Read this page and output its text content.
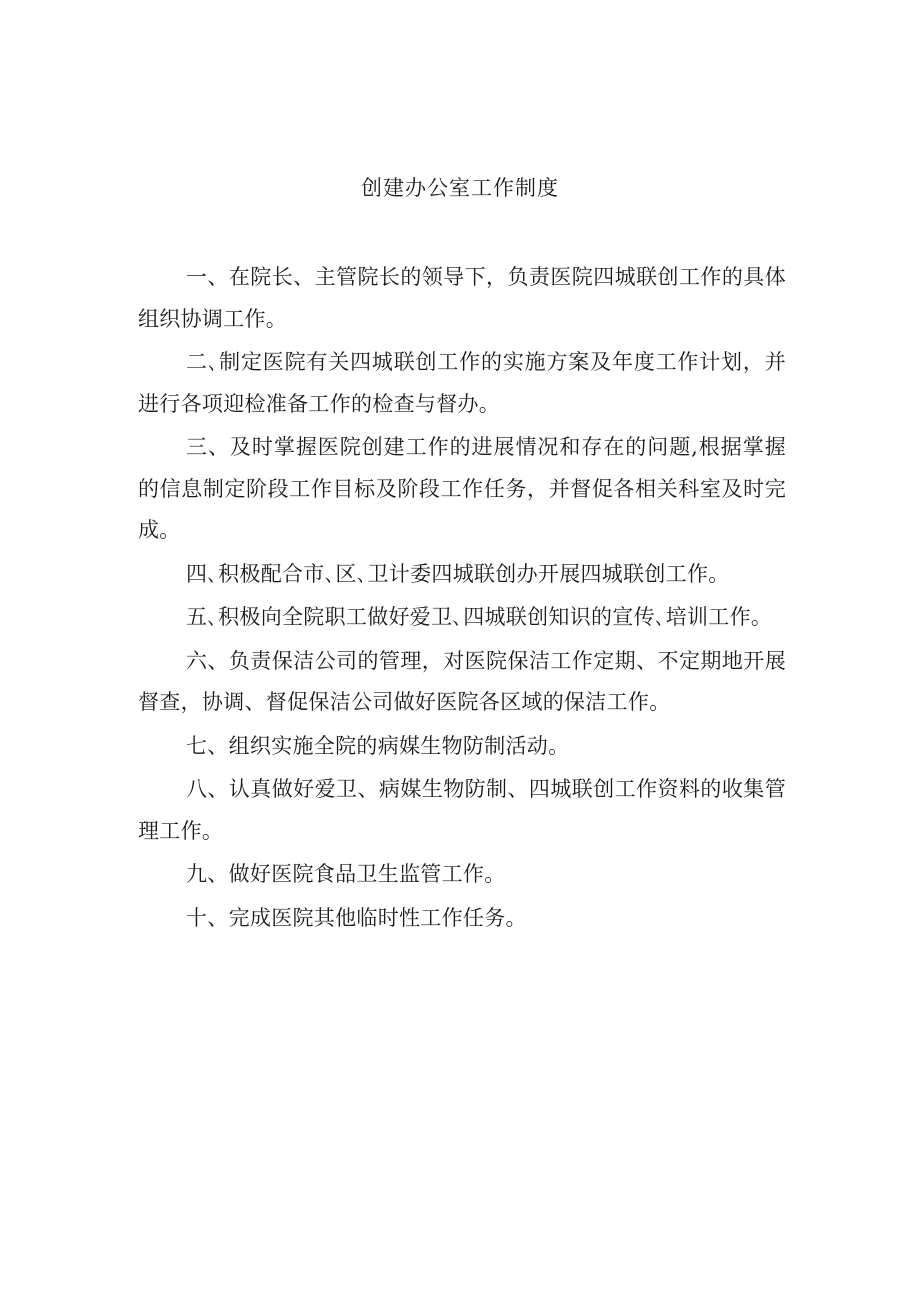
创建办公室工作制度

一、在院长、主管院长的领导下，负责医院四城联创工作的具体组织协调工作。

二､制定医院有关四城联创工作的实施方案及年度工作计划，并进行各项迎检准备工作的检查与督办。

三、及时掌握医院创建工作的进展情况和存在的问题,根据掌握的信息制定阶段工作目标及阶段工作任务，并督促各相关科室及时完成。

四､积极配合市､区､卫计委四城联创办开展四城联创工作。

五､积极向全院职工做好爱卫､四城联创知识的宣传､培训工作。

六、负责保洁公司的管理，对医院保洁工作定期、不定期地开展督查，协调、督促保洁公司做好医院各区域的保洁工作。

七、组织实施全院的病媒生物防制活动。

八、认真做好爱卫、病媒生物防制、四城联创工作资料的收集管理工作。

九、做好医院食品卫生监管工作。

十、完成医院其他临时性工作任务。
